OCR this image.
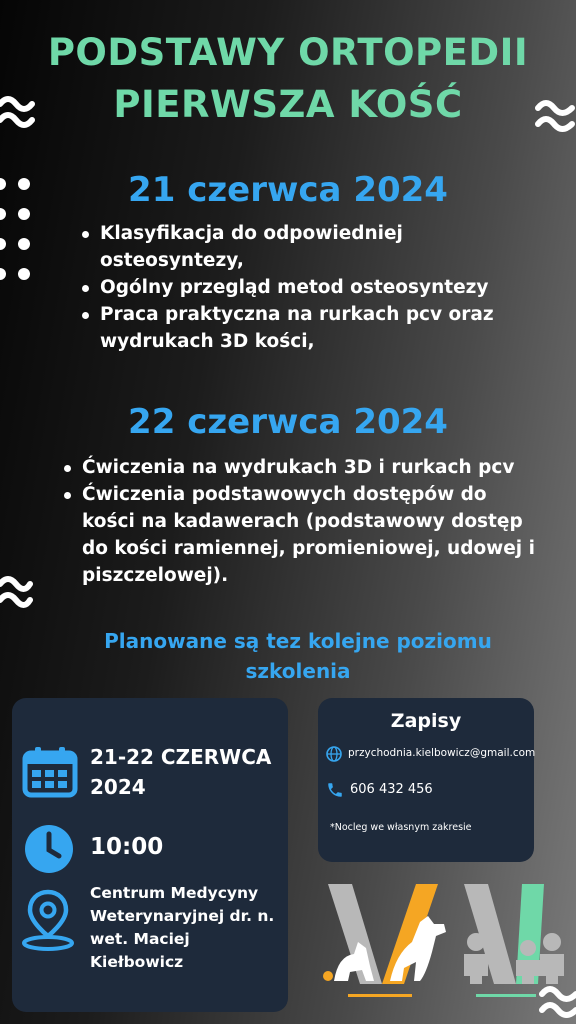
PODSTAWY ORTOPEDII
PIERWSZA KOŚĆ
21 czerwca 2024
Klasyfikacja do odpowiedniej osteosyntezy,
Ogólny przegląd metod osteosyntezy
Praca praktyczna na rurkach pcv oraz wydrukach 3D kości,
22 czerwca 2024
Ćwiczenia na wydrukach 3D i rurkach pcv
Ćwiczenia podstawowych dostępów do kości na kadawerach (podstawowy dostęp do kości ramiennej, promieniowej, udowej i piszczelowej).
Planowane są tez kolejne poziomu szkolenia
21-22 CZERWCA 2024
10:00
Centrum Medycyny Weterynaryjnej dr. n. wet. Maciej Kiełbowicz
Zapisy
przychodnia.kielbowicz@gmail.com
606 432 456
*Nocleg we własnym zakresie
